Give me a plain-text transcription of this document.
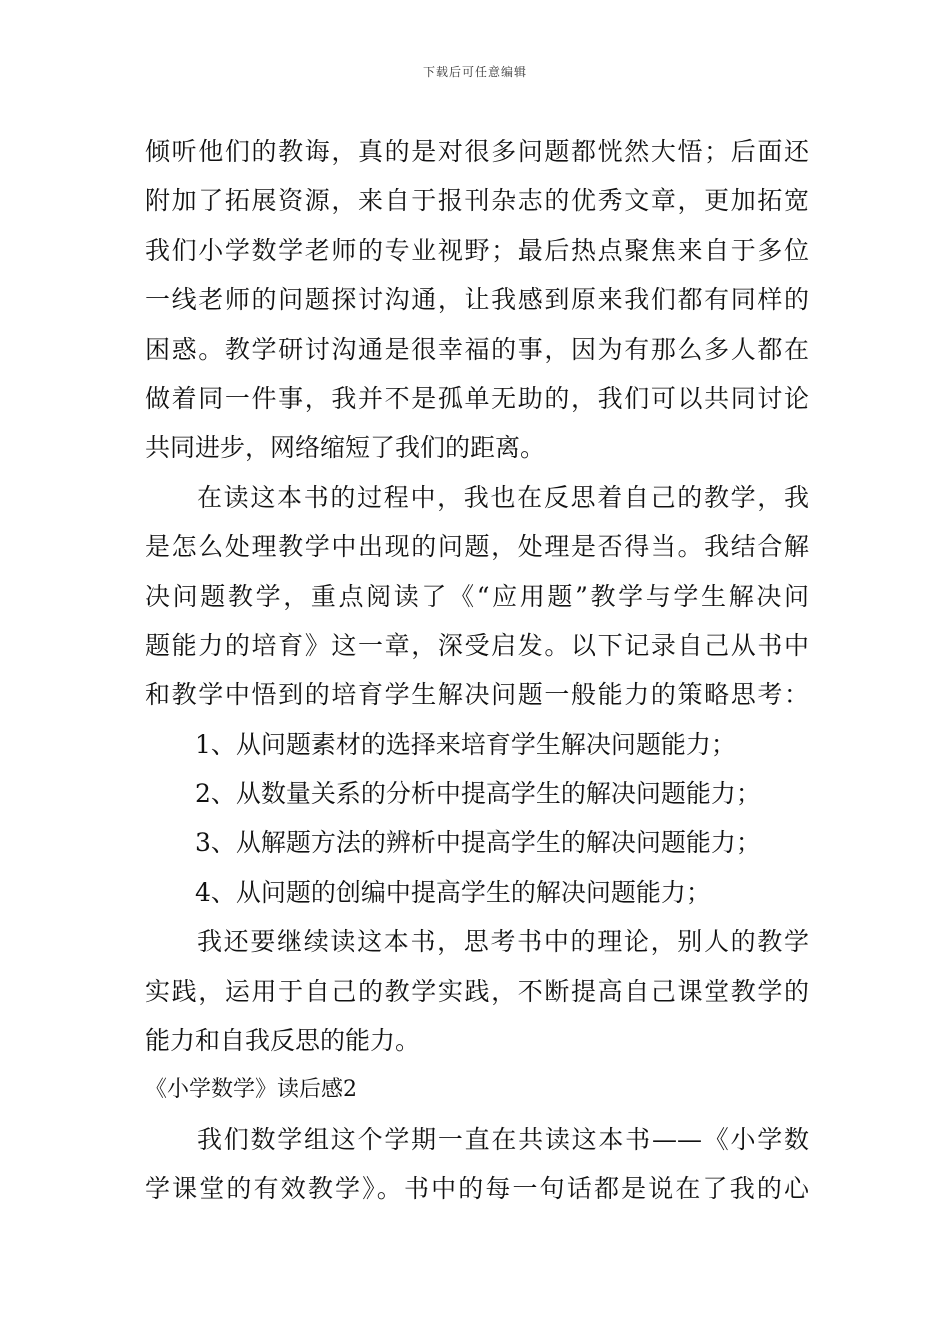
下载后可任意编辑
倾听他们的教诲，真的是对很多问题都恍然大悟；后面还
附加了拓展资源，来自于报刊杂志的优秀文章，更加拓宽
我们小学数学老师的专业视野；最后热点聚焦来自于多位
一线老师的问题探讨沟通，让我感到原来我们都有同样的
困惑。教学研讨沟通是很幸福的事，因为有那么多人都在
做着同一件事，我并不是孤单无助的，我们可以共同讨论
共同进步，网络缩短了我们的距离。
在读这本书的过程中，我也在反思着自己的教学，我
是怎么处理教学中出现的问题，处理是否得当。我结合解
决问题教学，重点阅读了《“应用题”教学与学生解决问
题能力的培育》这一章，深受启发。以下记录自己从书中
和教学中悟到的培育学生解决问题一般能力的策略思考：
1、从问题素材的选择来培育学生解决问题能力；
2、从数量关系的分析中提高学生的解决问题能力；
3、从解题方法的辨析中提高学生的解决问题能力；
4、从问题的创编中提高学生的解决问题能力；
我还要继续读这本书，思考书中的理论，别人的教学
实践，运用于自己的教学实践，不断提高自己课堂教学的
能力和自我反思的能力。
《小学数学》读后感2
我们数学组这个学期一直在共读这本书——《小学数
学课堂的有效教学》。书中的每一句话都是说在了我的心
